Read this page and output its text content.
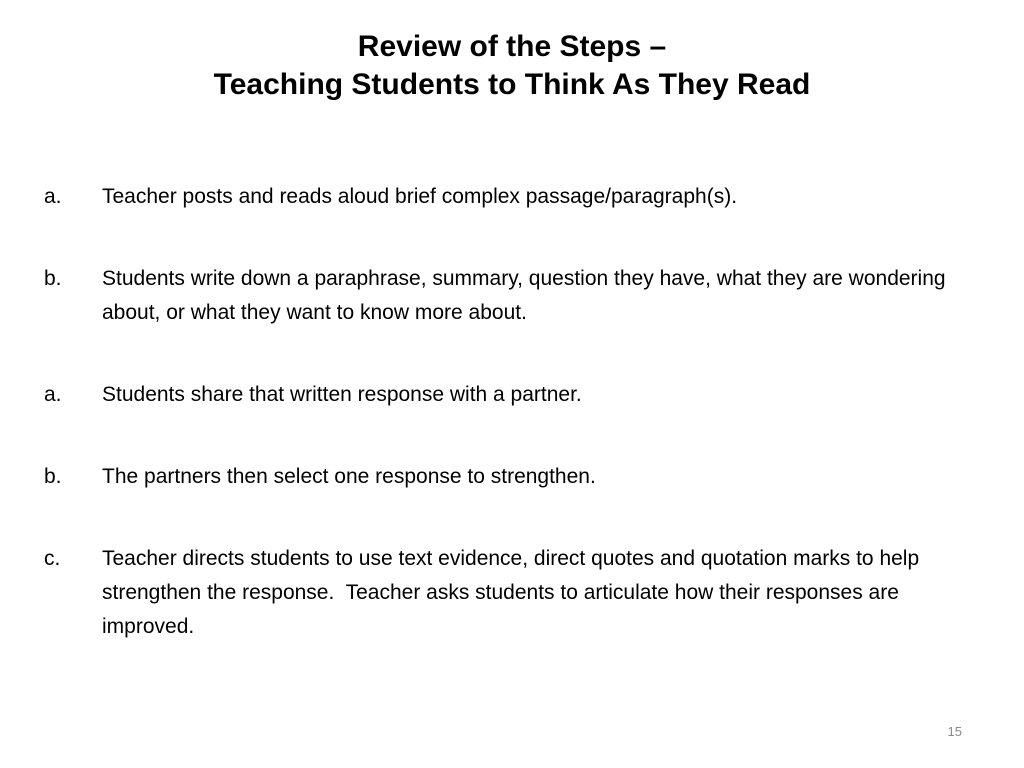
Review of the Steps –
Teaching Students to Think As They Read
a. Teacher posts and reads aloud brief complex passage/paragraph(s).
b. Students write down a paraphrase, summary, question they have, what they are wondering about, or what they want to know more about.
a. Students share that written response with a partner.
b. The partners then select one response to strengthen.
c. Teacher directs students to use text evidence, direct quotes and quotation marks to help strengthen the response.  Teacher asks students to articulate how their responses are improved.
15
